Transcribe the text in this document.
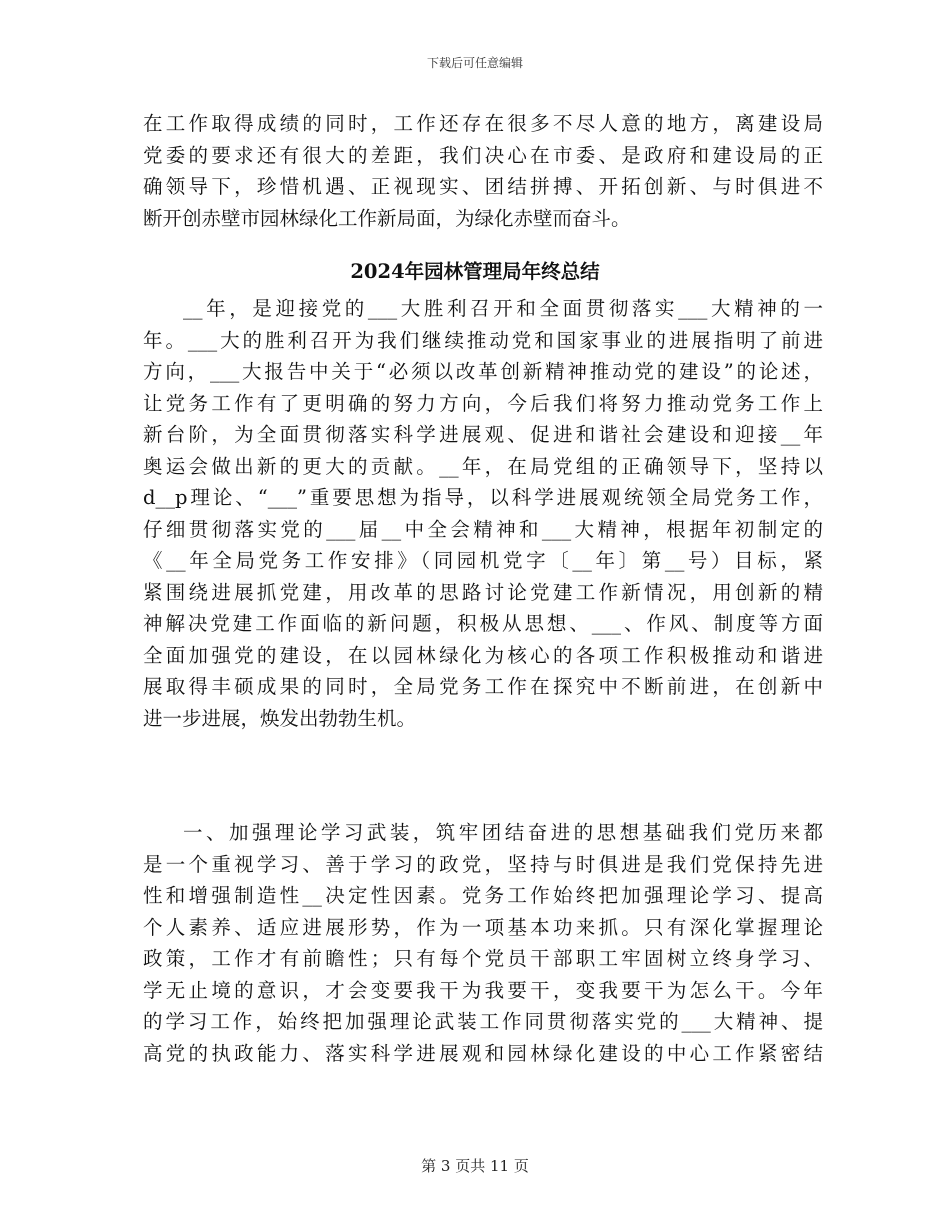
下载后可任意编辑
在工作取得成绩的同时，工作还存在很多不尽人意的地方，离建设局
党委的要求还有很大的差距，我们决心在市委、是政府和建设局的正
确领导下，珍惜机遇、正视现实、团结拼搏、开拓创新、与时俱进不
断开创赤壁市园林绿化工作新局面，为绿化赤壁而奋斗。
2024年园林管理局年终总结
__年，是迎接党的___大胜利召开和全面贯彻落实___大精神的一
年。___大的胜利召开为我们继续推动党和国家事业的进展指明了前进
方向，___大报告中关于“必须以改革创新精神推动党的建设”的论述，
让党务工作有了更明确的努力方向，今后我们将努力推动党务工作上
新台阶，为全面贯彻落实科学进展观、促进和谐社会建设和迎接__年
奥运会做出新的更大的贡献。__年，在局党组的正确领导下，坚持以
d__p理论、“___”重要思想为指导，以科学进展观统领全局党务工作，
仔细贯彻落实党的___届__中全会精神和___大精神，根据年初制定的
《__年全局党务工作安排》（同园机党字〔__年〕第__号）目标，紧
紧围绕进展抓党建，用改革的思路讨论党建工作新情况，用创新的精
神解决党建工作面临的新问题，积极从思想、___、作风、制度等方面
全面加强党的建设，在以园林绿化为核心的各项工作积极推动和谐进
展取得丰硕成果的同时，全局党务工作在探究中不断前进，在创新中
进一步进展，焕发出勃勃生机。
一、加强理论学习武装，筑牢团结奋进的思想基础我们党历来都
是一个重视学习、善于学习的政党，坚持与时俱进是我们党保持先进
性和增强制造性__决定性因素。党务工作始终把加强理论学习、提高
个人素养、适应进展形势，作为一项基本功来抓。只有深化掌握理论
政策，工作才有前瞻性；只有每个党员干部职工牢固树立终身学习、
学无止境的意识，才会变要我干为我要干，变我要干为怎么干。今年
的学习工作，始终把加强理论武装工作同贯彻落实党的___大精神、提
高党的执政能力、落实科学进展观和园林绿化建设的中心工作紧密结
第 3 页共 11 页
